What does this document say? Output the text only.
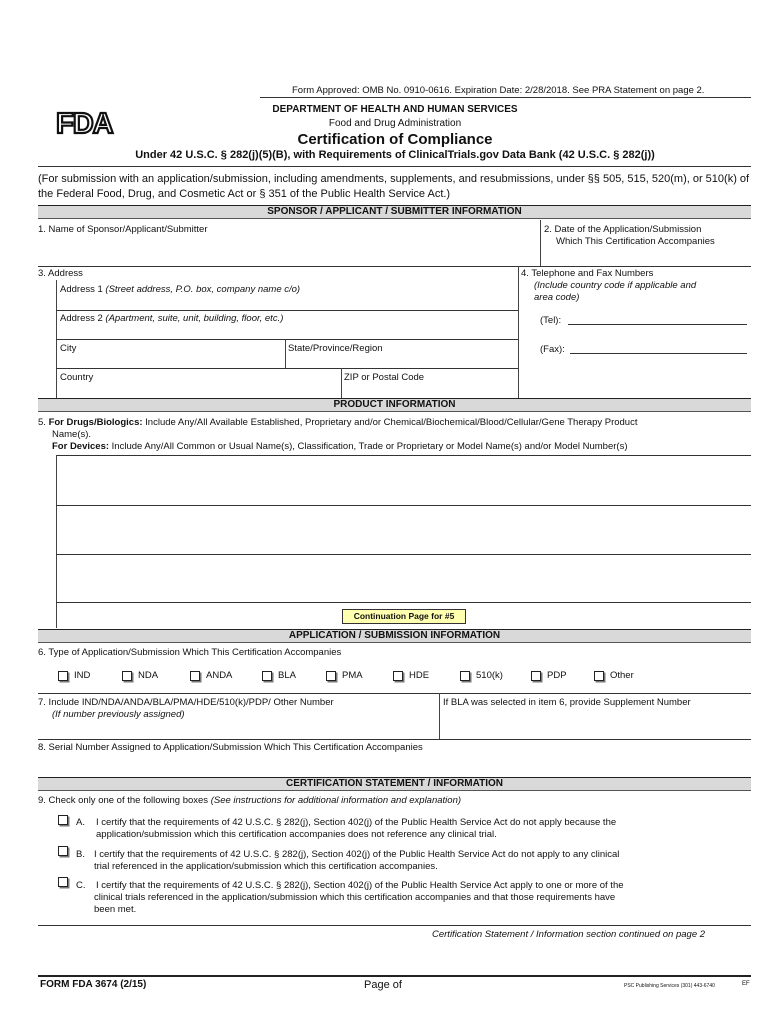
Form Approved: OMB No. 0910-0616. Expiration Date: 2/28/2018. See PRA Statement on page 2.
FDA	DEPARTMENT OF HEALTH AND HUMAN SERVICES
Food and Drug Administration
Certification of Compliance
Under 42 U.S.C. § 282(j)(5)(B), with Requirements of ClinicalTrials.gov Data Bank (42 U.S.C. § 282(j))
(For submission with an application/submission, including amendments, supplements, and resubmissions, under §§ 505, 515, 520(m), or 510(k) of the Federal Food, Drug, and Cosmetic Act or § 351 of the Public Health Service Act.)
SPONSOR / APPLICANT / SUBMITTER INFORMATION
1. Name of Sponsor/Applicant/Submitter	2. Date of the Application/Submission
Which This Certification Accompanies
3. Address
Address 1 (Street address, P.O. box, company name c/o)
Address 2 (Apartment, suite, unit, building, floor, etc.)
City	State/Province/Region
Country	ZIP or Postal Code
4. Telephone and Fax Numbers
(Include country code if applicable and
area code)
(Tel):
(Fax):
PRODUCT INFORMATION
5. For Drugs/Biologics: Include Any/All Available Established, Proprietary and/or Chemical/Biochemical/Blood/Cellular/Gene Therapy Product
Name(s).
For Devices: Include Any/All Common or Usual Name(s), Classification, Trade or Proprietary or Model Name(s) and/or Model Number(s)
Continuation Page for #5
APPLICATION / SUBMISSION INFORMATION
6. Type of Application/Submission Which This Certification Accompanies
IND	NDA	ANDA	BLA	PMA	HDE	510(k)	PDP	Other
7. Include IND/NDA/ANDA/BLA/PMA/HDE/510(k)/PDP/ Other Number
(If number previously assigned)
If BLA was selected in item 6, provide Supplement Number
8. Serial Number Assigned to Application/Submission Which This Certification Accompanies
CERTIFICATION STATEMENT / INFORMATION
9. Check only one of the following boxes (See instructions for additional information and explanation)
A. I certify that the requirements of 42 U.S.C. § 282(j), Section 402(j) of the Public Health Service Act do not apply because the
application/submission which this certification accompanies does not reference any clinical trial.
B. I certify that the requirements of 42 U.S.C. § 282(j), Section 402(j) of the Public Health Service Act do not apply to any clinical
trial referenced in the application/submission which this certification accompanies.
C. I certify that the requirements of 42 U.S.C. § 282(j), Section 402(j) of the Public Health Service Act apply to one or more of the
clinical trials referenced in the application/submission which this certification accompanies and that those requirements have
been met.
Certification Statement / Information section continued on page 2
FORM FDA 3674 (2/15)	Page of	PSC Publishing Services (301) 443-6740	EF
